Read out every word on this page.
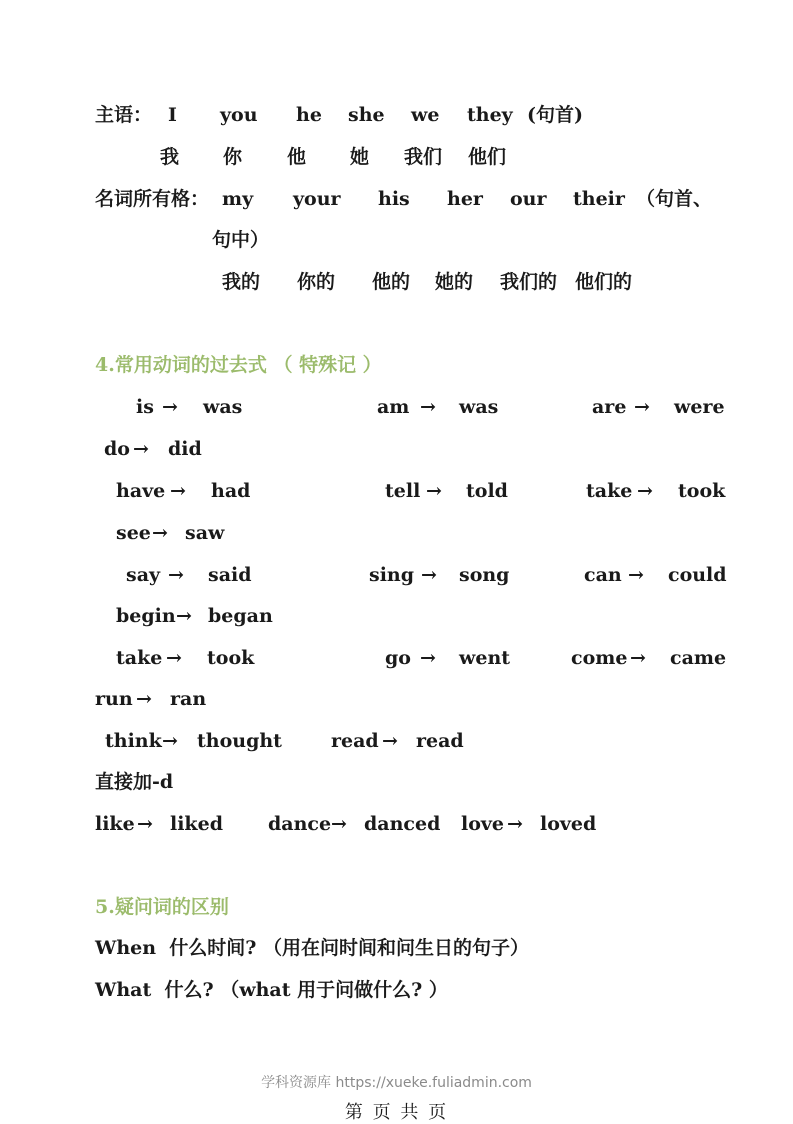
主语： I you he she we they (句首)
我 你 他 她 我们 他们
名词所有格： my your his her our their （句首、
句中）
我的 你的 他的 她的 我们的 他们的
4.常用动词的过去式 （ 特殊记 ）
is → was	am → was	are → were
do → did
have → had	tell → told	take → took
see → saw
say → said	sing → song	can → could
begin → began
take → took	go → went	come → came
run → ran
think → thought	read → read
直接加-d
like → liked dance → danced love → loved
5.疑问词的区别
When  什么时间? （用在问时间和问生日的句子）
What  什么? （what 用于问做什么? ）
学科资源库 https://xueke.fuliadmin.com
第 页 共 页
